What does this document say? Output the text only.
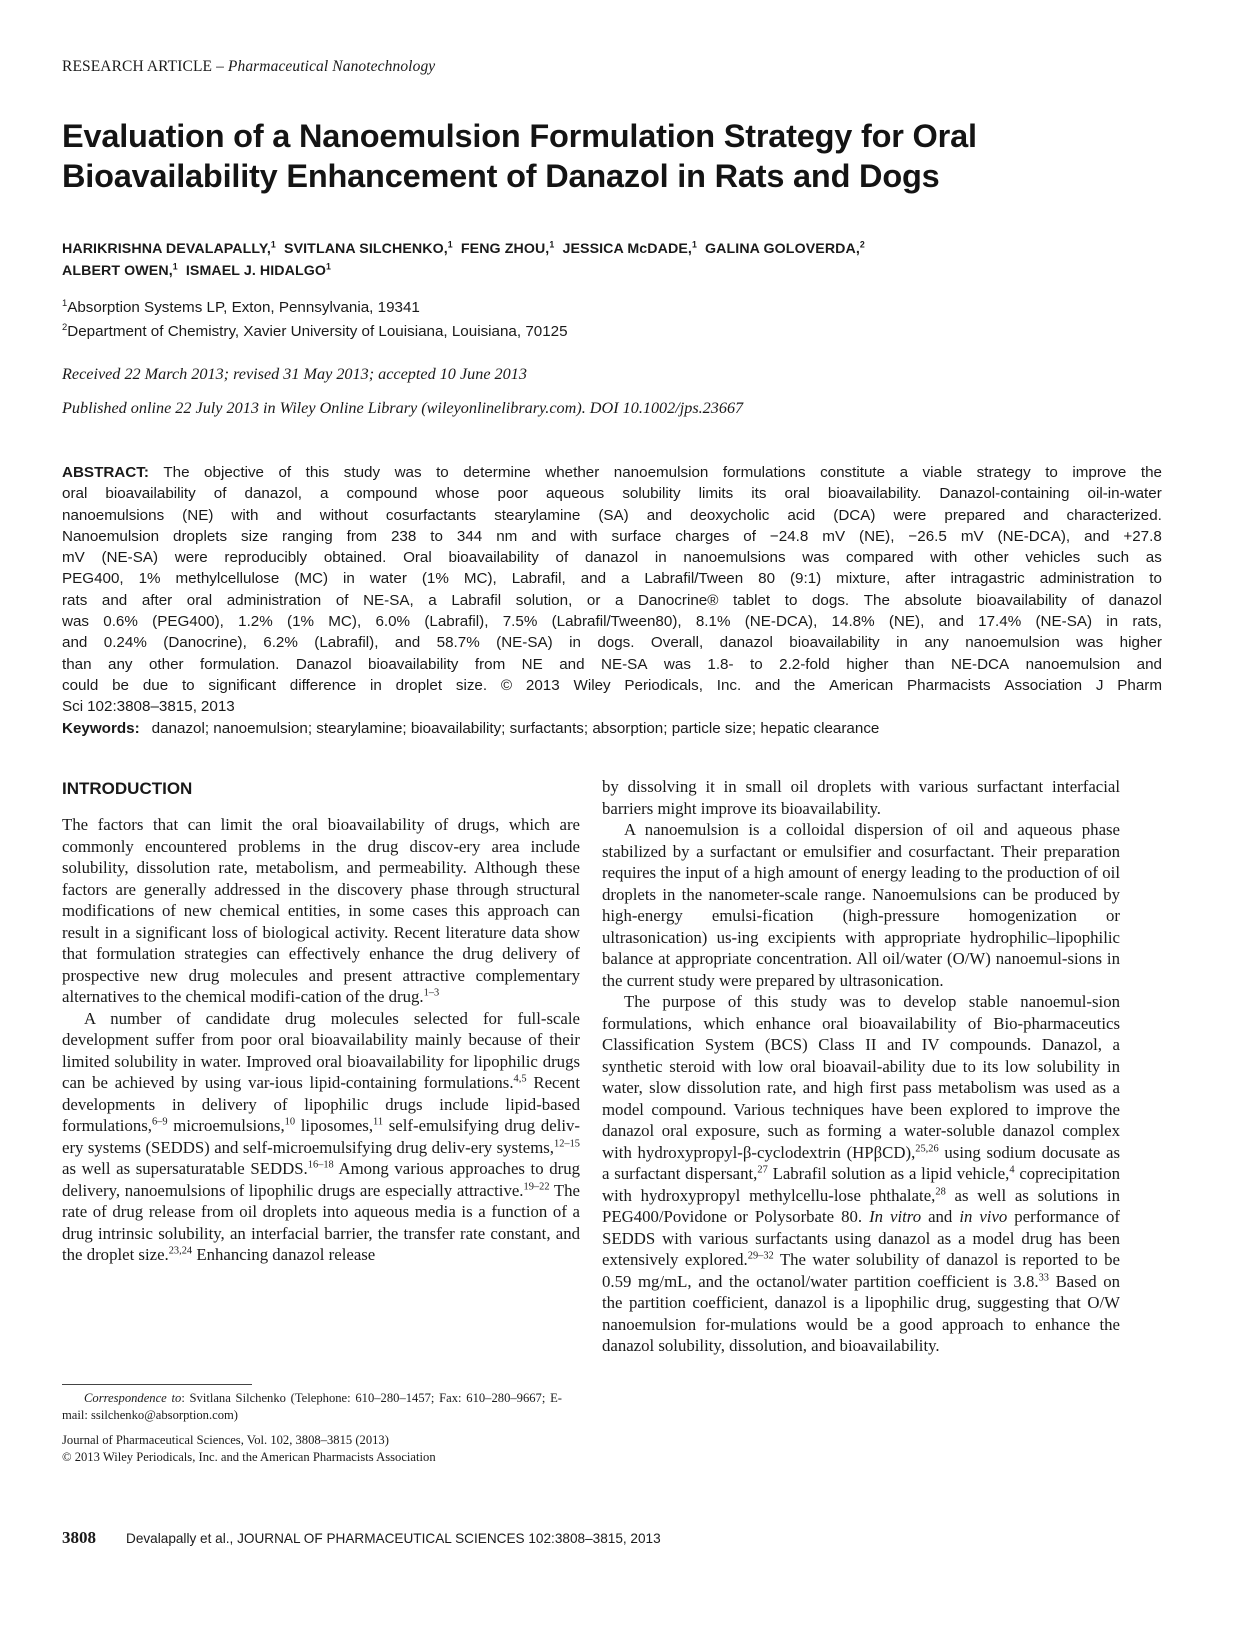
RESEARCH ARTICLE – Pharmaceutical Nanotechnology
Evaluation of a Nanoemulsion Formulation Strategy for Oral
Bioavailability Enhancement of Danazol in Rats and Dogs
HARIKRISHNA DEVALAPALLY,$^1$ SVITLANA SILCHENKO,$^1$ FENG ZHOU,$^1$ JESSICA McDADE,$^1$ GALINA GOLOVERDA,$^2$
ALBERT OWEN,$^1$ ISMAEL J. HIDALGO$^1$
$^1$Absorption Systems LP, Exton, Pennsylvania, 19341
$^2$Department of Chemistry, Xavier University of Louisiana, Louisiana, 70125
Received 22 March 2013; revised 31 May 2013; accepted 10 June 2013
Published online 22 July 2013 in Wiley Online Library (wileyonlinelibrary.com). DOI 10.1002/jps.23667
ABSTRACT: The objective of this study was to determine whether nanoemulsion formulations constitute a viable strategy to improve the
oral bioavailability of danazol, a compound whose poor aqueous solubility limits its oral bioavailability. Danazol-containing oil-in-water
nanoemulsions (NE) with and without cosurfactants stearylamine (SA) and deoxycholic acid (DCA) were prepared and characterized.
Nanoemulsion droplets size ranging from 238 to 344 nm and with surface charges of −24.8 mV (NE), −26.5 mV (NE-DCA), and +27.8
mV (NE-SA) were reproducibly obtained. Oral bioavailability of danazol in nanoemulsions was compared with other vehicles such as
PEG400, 1% methylcellulose (MC) in water (1% MC), Labrafil, and a Labrafil/Tween 80 (9:1) mixture, after intragastric administration to
rats and after oral administration of NE-SA, a Labrafil solution, or a Danocrine® tablet to dogs. The absolute bioavailability of danazol
was 0.6% (PEG400), 1.2% (1% MC), 6.0% (Labrafil), 7.5% (Labrafil/Tween80), 8.1% (NE-DCA), 14.8% (NE), and 17.4% (NE-SA) in rats,
and 0.24% (Danocrine), 6.2% (Labrafil), and 58.7% (NE-SA) in dogs. Overall, danazol bioavailability in any nanoemulsion was higher
than any other formulation. Danazol bioavailability from NE and NE-SA was 1.8- to 2.2-fold higher than NE-DCA nanoemulsion and
could be due to significant difference in droplet size. © 2013 Wiley Periodicals, Inc. and the American Pharmacists Association J Pharm
Sci 102:3808–3815, 2013
Keywords: danazol; nanoemulsion; stearylamine; bioavailability; surfactants; absorption; particle size; hepatic clearance
INTRODUCTION

The factors that can limit the oral bioavailability of drugs, which are commonly encountered problems in the drug discov-ery area include solubility, dissolution rate, metabolism, and permeability. Although these factors are generally addressed in the discovery phase through structural modifications of new chemical entities, in some cases this approach can result in a significant loss of biological activity. Recent literature data show that formulation strategies can effectively enhance the drug delivery of prospective new drug molecules and present attractive complementary alternatives to the chemical modifi-cation of the drug.$^{1-3}$

A number of candidate drug molecules selected for full-scale development suffer from poor oral bioavailability mainly because of their limited solubility in water. Improved oral bioavailability for lipophilic drugs can be achieved by using var-ious lipid-containing formulations.$^{4,5}$ Recent developments in delivery of lipophilic drugs include lipid-based formulations,$^{6-9}$ microemulsions,$^{10}$ liposomes,$^{11}$ self-emulsifying drug deliv-ery systems (SEDDS) and self-microemulsifying drug deliv-ery systems,$^{12-15}$ as well as supersaturatable SEDDS.$^{16-18}$ Among various approaches to drug delivery, nanoemulsions of lipophilic drugs are especially attractive.$^{19-22}$ The rate of drug release from oil droplets into aqueous media is a function of a drug intrinsic solubility, an interfacial barrier, the transfer rate constant, and the droplet size.$^{23,24}$ Enhancing danazol release

by dissolving it in small oil droplets with various surfactant interfacial barriers might improve its bioavailability.

A nanoemulsion is a colloidal dispersion of oil and aqueous phase stabilized by a surfactant or emulsifier and cosurfactant. Their preparation requires the input of a high amount of energy leading to the production of oil droplets in the nanometer-scale range. Nanoemulsions can be produced by high-energy emulsi-fication (high-pressure homogenization or ultrasonication) us-ing excipients with appropriate hydrophilic–lipophilic balance at appropriate concentration. All oil/water (O/W) nanoemul-sions in the current study were prepared by ultrasonication.

The purpose of this study was to develop stable nanoemul-sion formulations, which enhance oral bioavailability of Bio-pharmaceutics Classification System (BCS) Class II and IV compounds. Danazol, a synthetic steroid with low oral bioavail-ability due to its low solubility in water, slow dissolution rate, and high first pass metabolism was used as a model compound. Various techniques have been explored to improve the danazol oral exposure, such as forming a water-soluble danazol complex with hydroxypropyl-β-cyclodextrin (HPβCD),$^{25,26}$ using sodium docusate as a surfactant dispersant,$^{27}$ Labrafil solution as a lipid vehicle,$^4$ coprecipitation with hydroxypropyl methylcellu-lose phthalate,$^{28}$ as well as solutions in PEG400/Povidone or Polysorbate 80. In vitro and in vivo performance of SEDDS with various surfactants using danazol as a model drug has been extensively explored.$^{29-32}$ The water solubility of danazol is reported to be 0.59 mg/mL, and the octanol/water partition coefficient is 3.8.33 Based on the partition coefficient, danazol is a lipophilic drug, suggesting that O/W nanoemulsion for-mulations would be a good approach to enhance the danazol solubility, dissolution, and bioavailability.

Correspondence to: Svitlana Silchenko (Telephone: 610–280–1457; Fax: 610–280–9667; E-mail: ssilchenko@absorption.com)

Journal of Pharmaceutical Sciences, Vol. 102, 3808–3815 (2013)

© 2013 Wiley Periodicals, Inc. and the American Pharmacists Association

3808 Devalapally et al., JOURNAL OF PHARMACEUTICAL SCIENCES 102:3808–3815, 2013
